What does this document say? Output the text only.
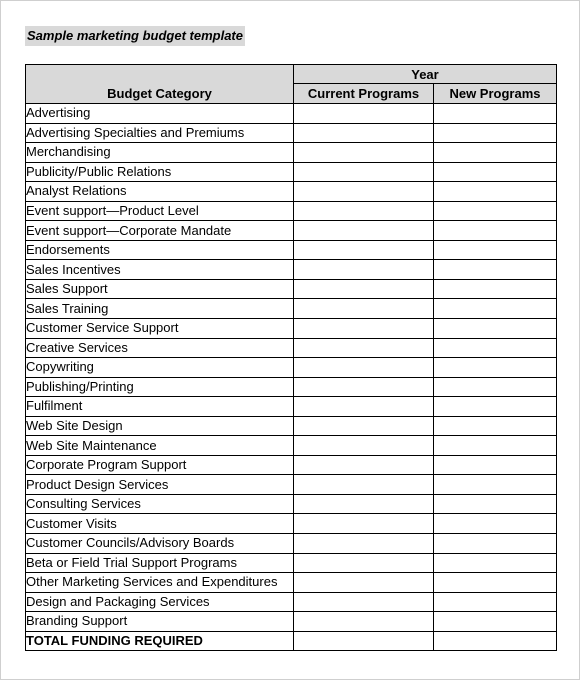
Sample marketing budget template
Budget Category	Year	
	Current Programs	New Programs
Advertising		
Advertising Specialties and Premiums		
Merchandising		
Publicity/Public Relations		
Analyst Relations		
Event support—Product Level		
Event support—Corporate Mandate		
Endorsements		
Sales Incentives		
Sales Support		
Sales Training		
Customer Service Support		
Creative Services		
Copywriting		
Publishing/Printing		
Fulfilment		
Web Site Design		
Web Site Maintenance		
Corporate Program Support		
Product Design Services		
Consulting Services		
Customer Visits		
Customer Councils/Advisory Boards		
Beta or Field Trial Support Programs		
Other Marketing Services and Expenditures		
Design and Packaging Services		
Branding Support		
TOTAL FUNDING REQUIRED		
